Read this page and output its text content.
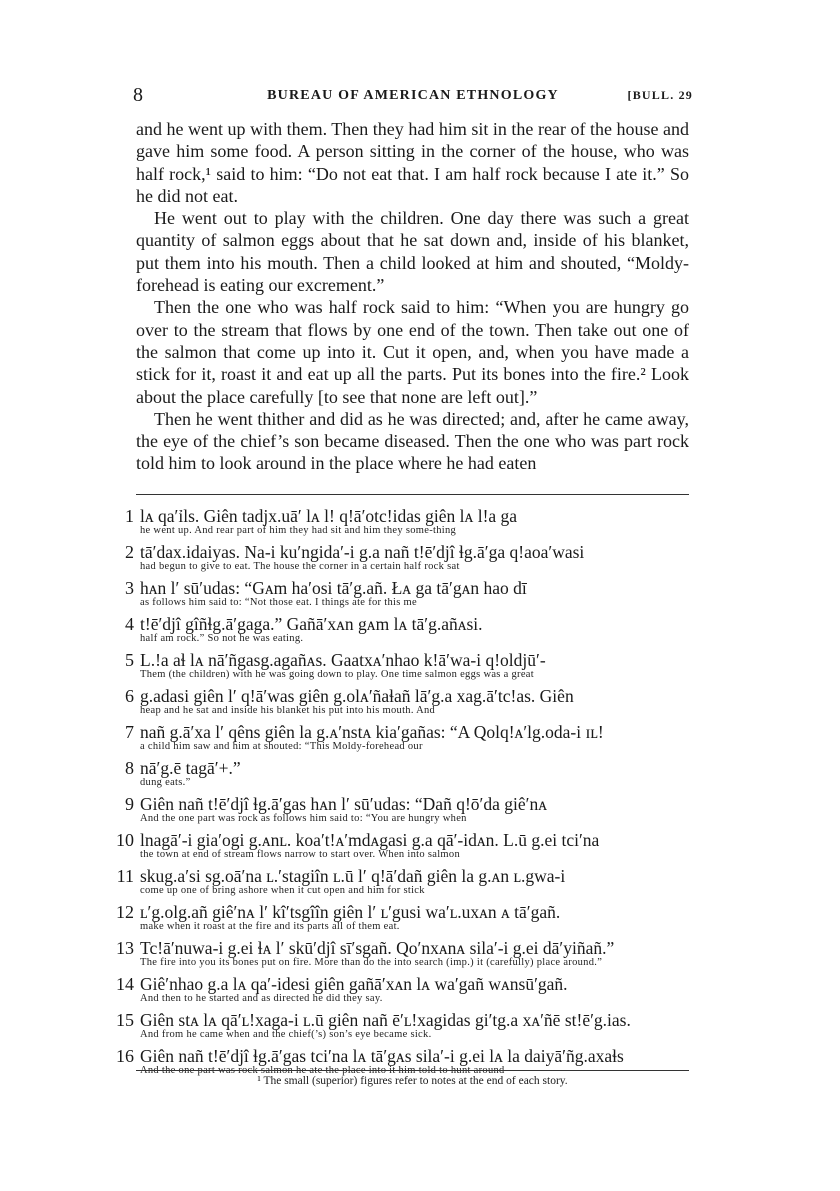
8	BUREAU OF AMERICAN ETHNOLOGY	[BULL. 29

and he went up with them. Then they had him sit in the rear of the house and gave him some food. A person sitting in the corner of the house, who was half rock,¹ said to him: “Do not eat that. I am half rock because I ate it.” So he did not eat.

He went out to play with the children. One day there was such a great quantity of salmon eggs about that he sat down and, inside of his blanket, put them into his mouth. Then a child looked at him and shouted, “Moldy-forehead is eating our excrement.”

Then the one who was half rock said to him: “When you are hungry go over to the stream that flows by one end of the town. Then take out one of the salmon that come up into it. Cut it open, and, when you have made a stick for it, roast it and eat up all the parts. Put its bones into the fire.² Look about the place carefully [to see that none are left out].”

Then he went thither and did as he was directed; and, after he came away, the eye of the chief’s son became diseased. Then the one who was part rock told him to look around in the place where he had eaten

1 lᴀ qa′ỉls. Giên tadjx.uā′ lᴀ l! q!ā′otc!idas giên lᴀ l!a ga
he went up. And rear part of him they had sit and him they some-thing
2 tā′dax.idaiyas. Na-i ku′ngida′-i g.a nañ t!ē′djî ɬg.ā′ga q!aoa′wasi
had begun to give to eat. The house the corner in a certain half rock sat
3 hᴀn l′ sū′udas: “Gᴀm ha′osi tā′g.añ. Łᴀ ga tā′gᴀn hao dī
as follows him said to: “Not those eat. I things ate for this me
4 t!ē′djî gîñɬg.ā′gaga.” Gañā′xᴀn gᴀm lᴀ tā′g.añᴀsi.
half am rock.” So not he was eating.
5 L.!a aɬ lᴀ nā′ñgasg.agañᴀs. Gaatxᴀ′nhao k!ā′wa-i q!oldjū′-
Them (the children) with he was going down to play. One time salmon eggs was a great
6 g.adasi giên l′ q!ā′was giên g.olᴀ′ñaɬañ lā′g.a xag.ā′tc!as. Giên
heap and he sat and inside his blanket his put into his mouth. And
7 nañ g.ā′xa l′ qêns giên la g.ᴀ′nstᴀ kia′gañas: “A Qolq!ᴀ′lg.oda-i ɪʟ!
a child him saw and him at shouted: “This Moldy-forehead our
8 nā′g.ē tagā′+.”
dung eats.”
9 Giên nañ t!ē′djî ɬg.ā′gas hᴀn l′ sū′udas: “Dañ q!ō′da giê′nᴀ
And the one part was rock as follows him said to: “You are hungry when
10 lnagā′-i gia′ogi g.ᴀnʟ. koa′t!ᴀ′mdᴀgasi g.a qā′-idᴀn. L.ū g.ei tci′na
the town at end of stream flows narrow to start over. When into salmon
11 skug.a′si sg.oā′na ʟ.′stagiîn ʟ.ū l′ q!ā′dañ giên la g.ᴀn ʟ.gwa-i
come up one of bring ashore when it cut open and him for stick
12 ʟ′g.olg.añ giê′nᴀ l′ kî′tsgîîn giên l′ ʟ′gusi wa′ʟ.uxᴀn ᴀ tā′gañ.
make when it roast at the fire and its parts all of them eat.
13 Tc!ā′nuwa-i g.ei ɬᴀ l′ skū′djî sī′sgañ. Qo′nxᴀnᴀ sila′-i g.ei dā′yiñañ.”
The fire into you its bones put on fire. More than do the into search (imp.) it (carefully) place around.”
14 Giê′nhao g.a lᴀ qa′-idesi giên gañā′xᴀn lᴀ wa′gañ wᴀnsū′gañ.
And then to he started and as directed he did they say.
15 Giên stᴀ lᴀ qā′ʟ!xaga-i ʟ.ū giên nañ ē′ʟ!xagidas gi′tg.a xᴀ′ñē st!ē′g.ias.
And from he came when and the chief(’s) son’s eye became sick.
16 Giên nañ t!ē′djî ɬg.ā′gas tci′na lᴀ tā′gᴀs sila′-i g.ei lᴀ la daiyā′ñg.axaɬs
And the one part was rock salmon he ate the place into it him told to hunt around
¹ The small (superior) figures refer to notes at the end of each story.
